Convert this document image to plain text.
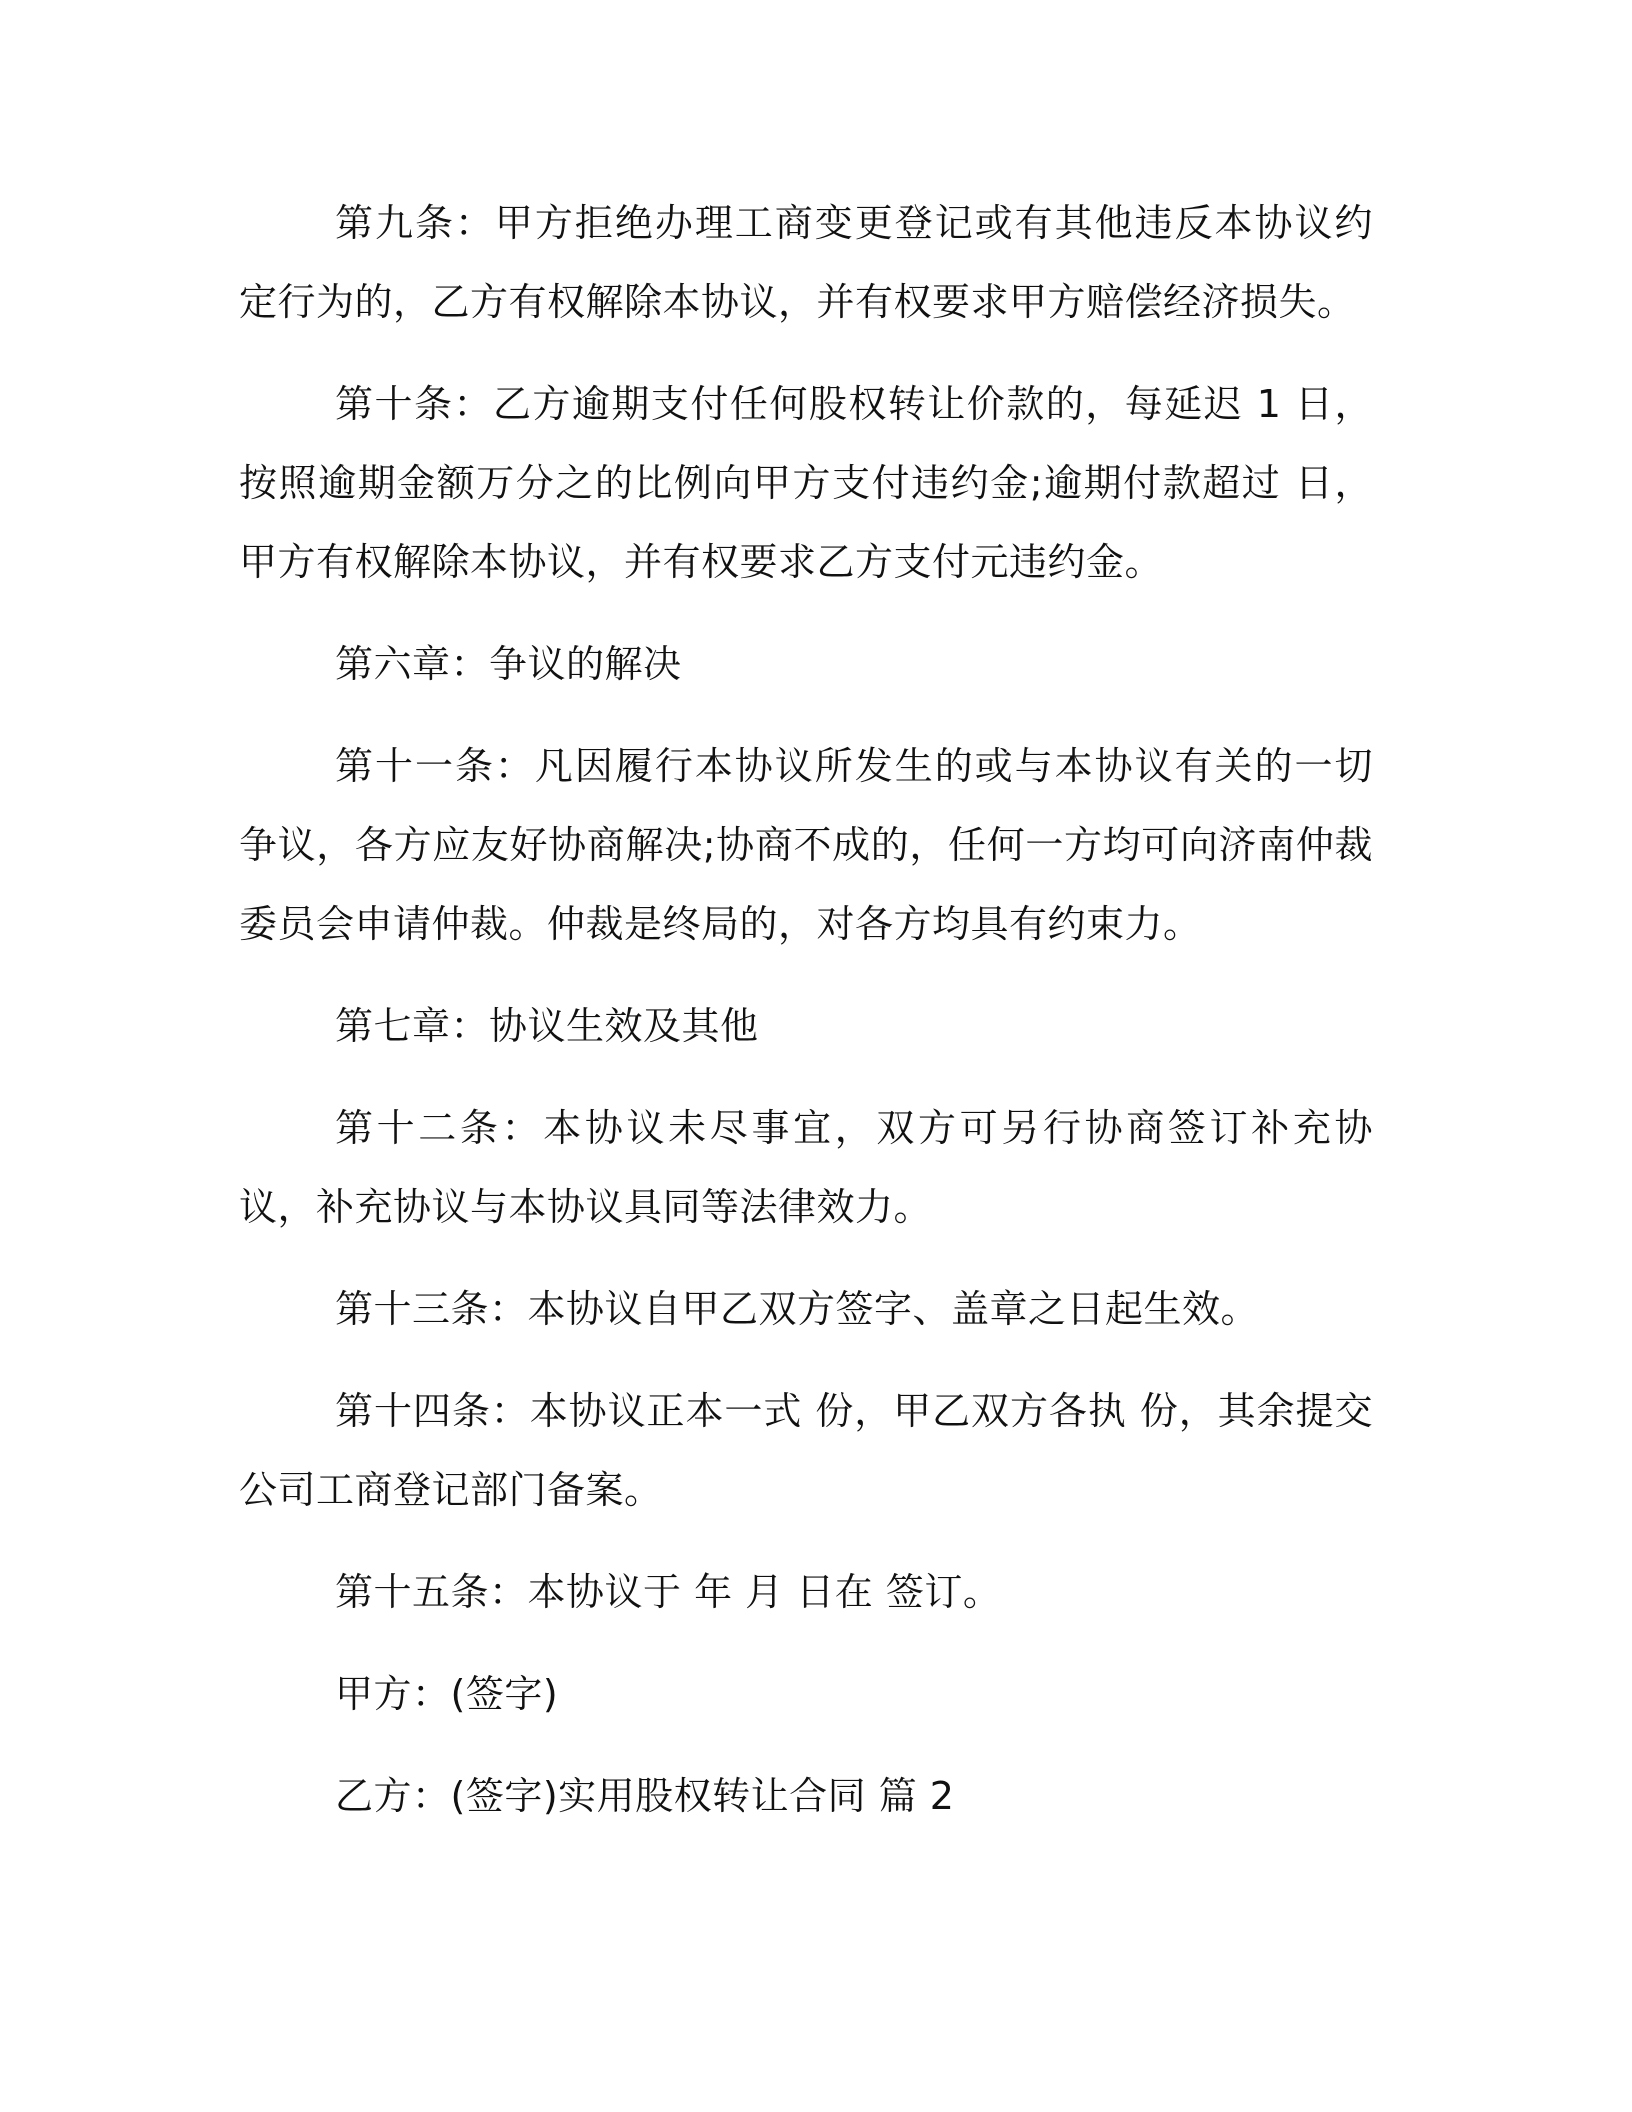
第九条：甲方拒绝办理工商变更登记或有其他违反本协议约定行为的，乙方有权解除本协议，并有权要求甲方赔偿经济损失。

第十条：乙方逾期支付任何股权转让价款的，每延迟 1 日，按照逾期金额万分之的比例向甲方支付违约金;逾期付款超过 日，甲方有权解除本协议，并有权要求乙方支付元违约金。

第六章：争议的解决

第十一条：凡因履行本协议所发生的或与本协议有关的一切争议，各方应友好协商解决;协商不成的，任何一方均可向济南仲裁委员会申请仲裁。仲裁是终局的，对各方均具有约束力。

第七章：协议生效及其他

第十二条：本协议未尽事宜，双方可另行协商签订补充协议，补充协议与本协议具同等法律效力。

第十三条：本协议自甲乙双方签字、盖章之日起生效。

第十四条：本协议正本一式 份，甲乙双方各执 份，其余提交公司工商登记部门备案。

第十五条：本协议于 年 月 日在 签订。

甲方：(签字)

乙方：(签字)实用股权转让合同 篇 2
